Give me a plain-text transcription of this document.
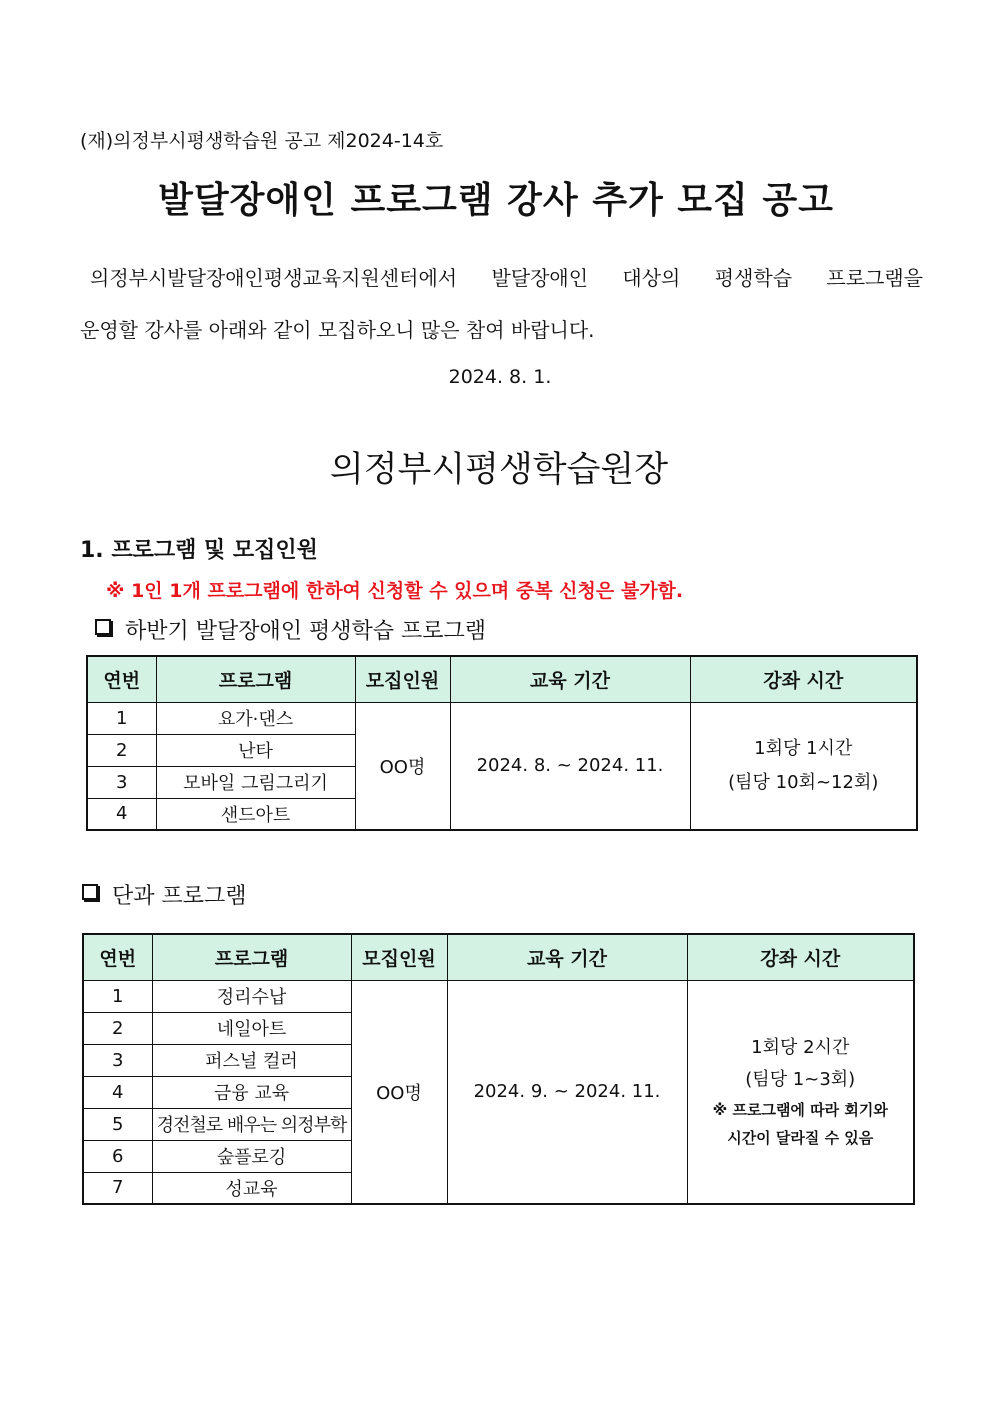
(재)의정부시평생학습원 공고 제2024-14호
발달장애인 프로그램 강사 추가 모집 공고
의정부시발달장애인평생교육지원센터에서 발달장애인 대상의 평생학습 프로그램을
운영할 강사를 아래와 같이 모집하오니 많은 참여 바랍니다.
2024. 8. 1.
의정부시평생학습원장
1. 프로그램 및 모집인원
※ 1인 1개 프로그램에 한하여 신청할 수 있으며 중복 신청은 불가함.
하반기 발달장애인 평생학습 프로그램
연번	프로그램	모집인원	교육 기간	강좌 시간
1	요가·댄스	OO명	2024. 8. ~ 2024. 11.	1회당 1시간
(팀당 10회~12회)

2	난타			
3	모바일 그림그리기			
4	샌드아트			
단과 프로그램
연번	프로그램	모집인원	교육 기간	강좌 시간
1	정리수납	OO명	2024. 9. ~ 2024. 11.	1회당 2시간
(팀당 1~3회)
※ 프로그램에 따라 회기와
시간이 달라질 수 있음

2	네일아트			
3	퍼스널 컬러			
4	금융 교육			
5	경전철로 배우는 의정부학			
6	숲플로깅			
7	성교육			
